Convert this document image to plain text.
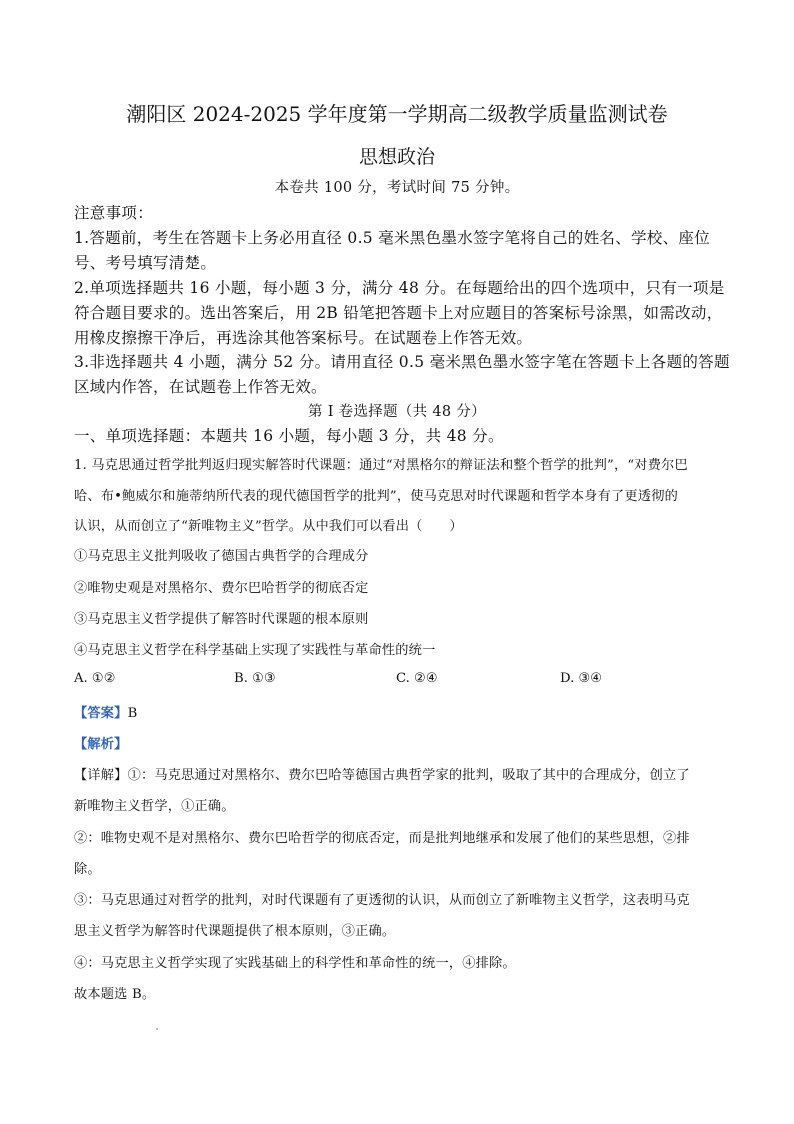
潮阳区 2024-2025 学年度第一学期高二级教学质量监测试卷
思想政治
本卷共 100 分，考试时间 75 分钟。
注意事项：
1.答题前，考生在答题卡上务必用直径 0.5 毫米黑色墨水签字笔将自己的姓名、学校、座位
号、考号填写清楚。
2.单项选择题共 16 小题，每小题 3 分，满分 48 分。在每题给出的四个选项中，只有一项是
符合题目要求的。选出答案后，用 2B 铅笔把答题卡上对应题目的答案标号涂黑，如需改动，
用橡皮擦擦干净后，再选涂其他答案标号。在试题卷上作答无效。
3.非选择题共 4 小题，满分 52 分。请用直径 0.5 毫米黑色墨水签字笔在答题卡上各题的答题
区域内作答，在试题卷上作答无效。
第 I 卷选择题（共 48 分）
一、单项选择题：本题共 16 小题，每小题 3 分，共 48 分。
1. 马克思通过哲学批判返归现实解答时代课题：通过“对黑格尔的辩证法和整个哲学的批判”，“对费尔巴
哈、布•鲍威尔和施蒂纳所代表的现代德国哲学的批判”，使马克思对时代课题和哲学本身有了更透彻的
认识，从而创立了“新唯物主义”哲学。从中我们可以看出（　　）
①马克思主义批判吸收了德国古典哲学的合理成分
②唯物史观是对黑格尔、费尔巴哈哲学的彻底否定
③马克思主义哲学提供了解答时代课题的根本原则
④马克思主义哲学在科学基础上实现了实践性与革命性的统一
A. ①②	B. ①③	C. ②④	D. ③④
【答案】B
【解析】
【详解】①：马克思通过对黑格尔、费尔巴哈等德国古典哲学家的批判，吸取了其中的合理成分，创立了
新唯物主义哲学，①正确。
②：唯物史观不是对黑格尔、费尔巴哈哲学的彻底否定，而是批判地继承和发展了他们的某些思想，②排
除。
③：马克思通过对哲学的批判，对时代课题有了更透彻的认识，从而创立了新唯物主义哲学，这表明马克
思主义哲学为解答时代课题提供了根本原则，③正确。
④：马克思主义哲学实现了实践基础上的科学性和革命性的统一，④排除。
故本题选 B。
